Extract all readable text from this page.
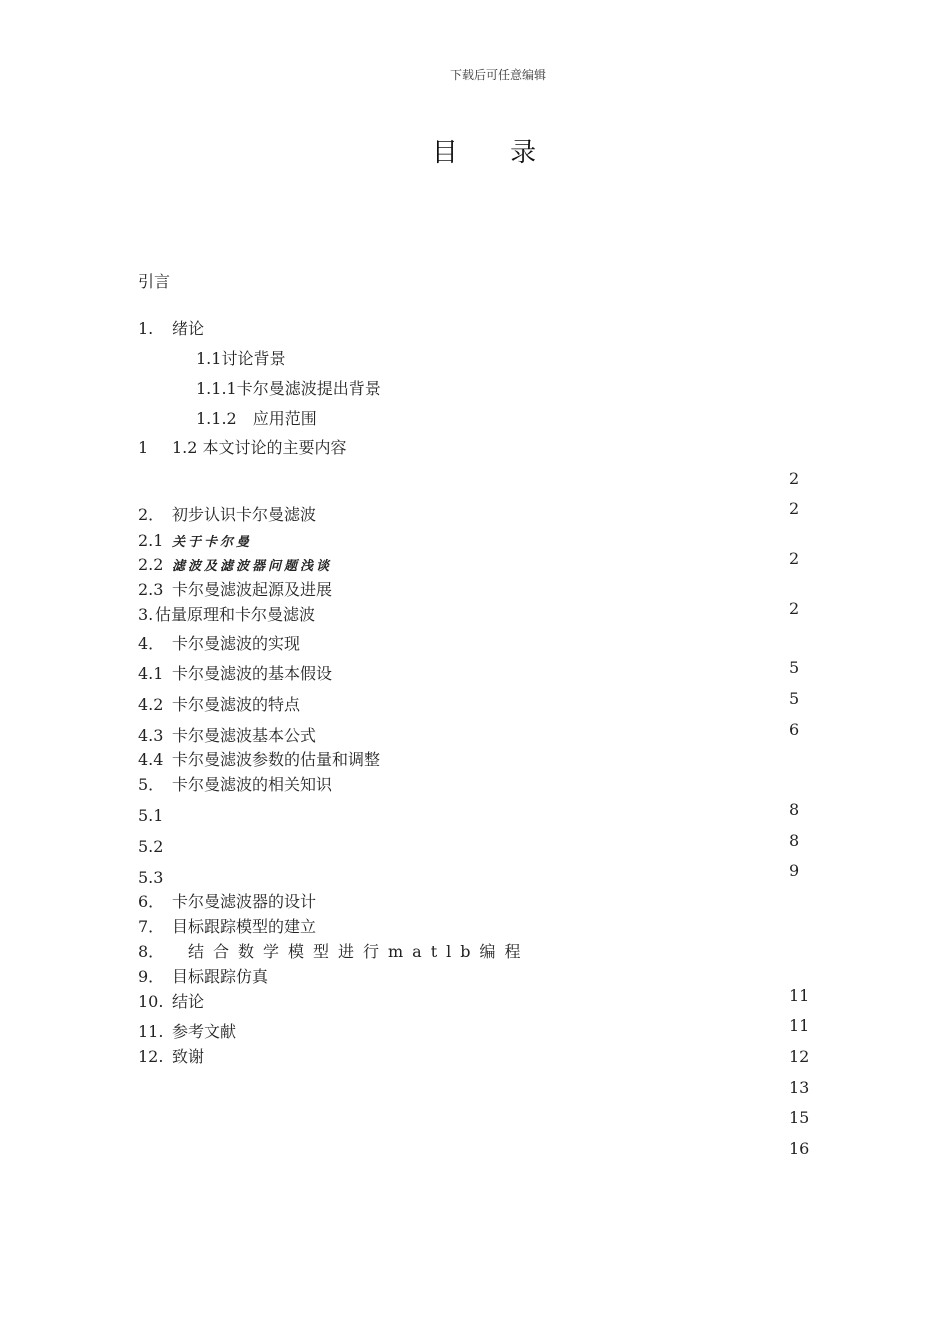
下载后可任意编辑
目 录
引言
1. 绪论
1.1讨论背景
1.1.1卡尔曼滤波提出背景
1.1.2　应用范围
1 1.2 本文讨论的主要内容
2． 初步认识卡尔曼滤波
2.1 关于卡尔曼
2.2 滤波及滤波器问题浅谈
2.3 卡尔曼滤波起源及进展
3. 估量原理和卡尔曼滤波
4． 卡尔曼滤波的实现
4.1 卡尔曼滤波的基本假设
4.2 卡尔曼滤波的特点
4.3 卡尔曼滤波基本公式
4.4 卡尔曼滤波参数的估量和调整
5． 卡尔曼滤波的相关知识
5.1
5.2
5.3
6． 卡尔曼滤波器的设计
7． 目标跟踪模型的建立
8． 结合数学模型进行matlb编程
9． 目标跟踪仿真
10. 结论
11. 参考文献
12. 致谢
2
2
2
2
5
5
6
8
8
9
11
11
12
13
15
16
